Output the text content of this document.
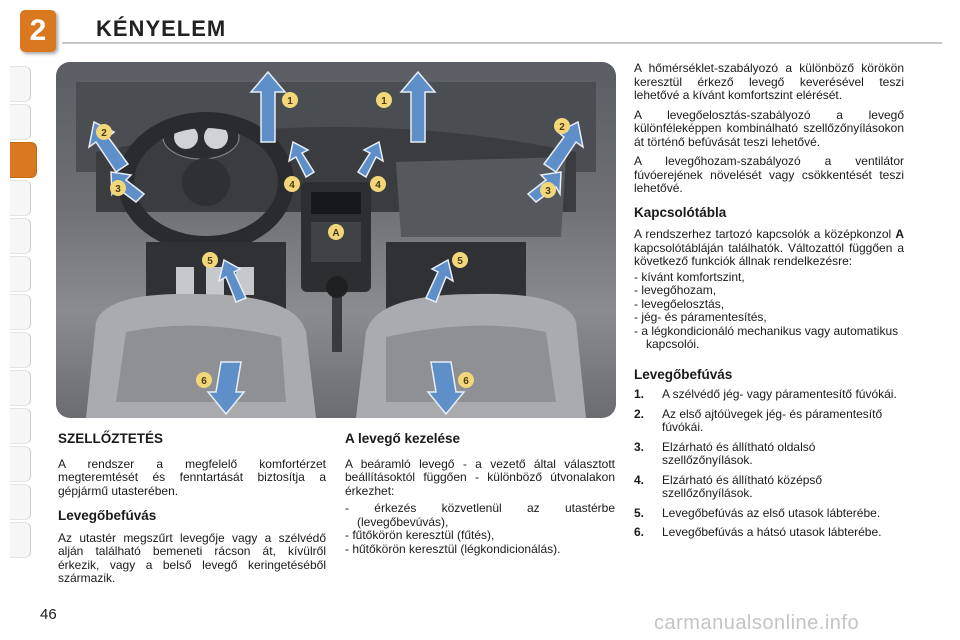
2	KÉNYELEM
1	1
2
2
3	3
4	4
A
5	5
6	6
SZELLŐZTETÉS

A rendszer a megfelelő komfortérzet megteremtését és fenntartását biztosítja a gépjármű utasterében.

Levegőbefúvás

Az utastér megszűrt levegője vagy a szélvédő alján található bemeneti rácson át, kívülről érkezik, vagy a belső levegő keringetéséből származik.

A levegő kezelése

A beáramló levegő - a vezető által választott beállításoktól függően - különböző útvonalakon érkezhet:

- érkezés közvetlenül az utastérbe (levegőbevúvás),
- fűtőkörön keresztül (fűtés),
- hűtőkörön keresztül (légkondicionálás).

A hőmérséklet-szabályozó a különböző körökön keresztül érkező levegő keverésével teszi lehetővé a kívánt komfortszint elérését.

A levegőelosztás-szabályozó a levegő különféleképpen kombinálható szellőzőnyílásokon át történő befúvását teszi lehetővé.

A levegőhozam-szabályozó a ventilátor fúvóerejének növelését vagy csökkentését teszi lehetővé.

Kapcsolótábla

A rendszerhez tartozó kapcsolók a középkonzol A kapcsolótábláján találhatók. Változattól függően a következő funkciók állnak rendelkezésre:

- kívánt komfortszint,
- levegőhozam,
- levegőelosztás,
- jég- és páramentesítés,
- a légkondicionáló mechanikus vagy automatikus kapcsolói.
Levegőbefúvás
1. A szélvédő jég- vagy páramentesítő fúvókái.
2. Az első ajtóüvegek jég- és páramentesítő fúvókái.
3. Elzárható és állítható oldalsó szellőzőnyílások.
4. Elzárható és állítható középső szellőzőnyílások.
5. Levegőbefúvás az első utasok lábterébe.
6. Levegőbefúvás a hátsó utasok lábterébe.
46	carmanualsonline.info
